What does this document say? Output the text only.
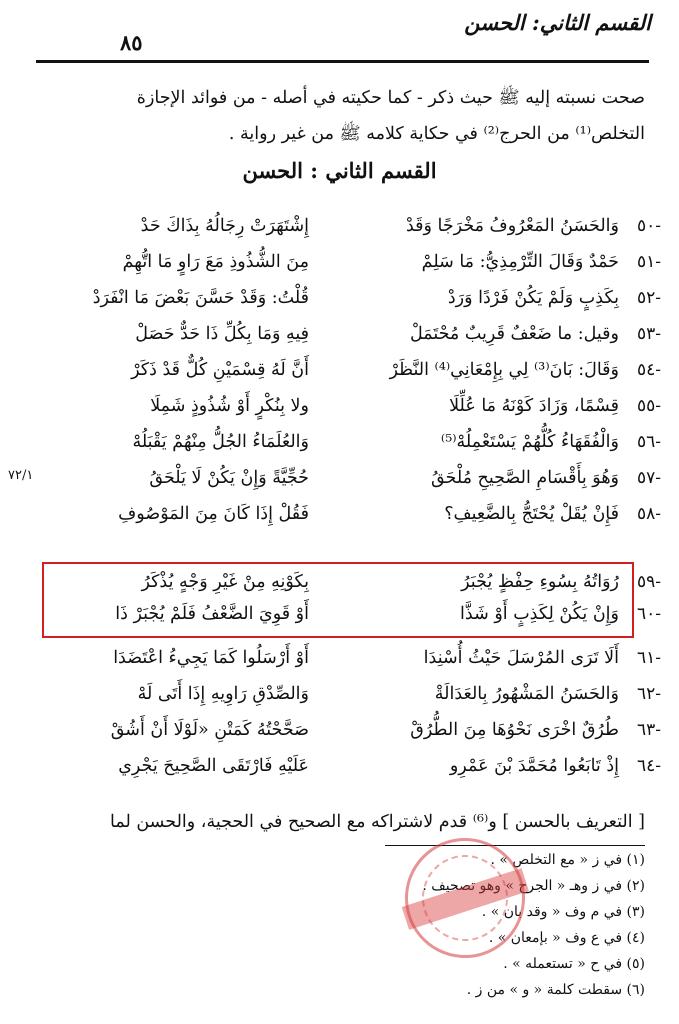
القسم الثاني: الحسن
٨٥
صحت نسبته إليه ﷺ حيث ذكر - كما حكيته في أصله - من فوائد الإجازة
التخلص⁽¹⁾ من الحرج⁽²⁾ في حكاية كلامه ﷺ من غير رواية .
القسم الثاني : الحسن
-٥٠
وَالحَسَنُ المَعْرُوفُ مَخْرَجًا وَقَدْ
إِشْتَهَرَتْ رِجَالُهُ بِذَاكَ حَدْ
-٥١
حَمْدٌ وَقَالَ التِّرْمِذِيُّ: مَا سَلِمْ
مِنَ الشُّذُوذِ مَعَ رَاوٍ مَا اتُّهِمْ
-٥٢
بِكَذِبٍ وَلَمْ يَكُنْ فَرْدًا وَرَدْ
قُلْتُ: وَقَدْ حَسَّنَ بَعْضَ مَا انْفَرَدْ
-٥٣
وقيل: ما ضَعْفٌ قَرِيبٌ مُحْتَمَلْ
فِيهِ وَمَا بِكُلِّ ذَا حَدٌّ حَصَلْ
-٥٤
وَقَالَ: بَانَ⁽³⁾ لِي بِإِمْعَانِي⁽⁴⁾ النَّظَرْ
أَنَّ لَهُ قِسْمَيْنِ كُلٌّ قَدْ ذَكَرْ
-٥٥
قِسْمًا، وَزَادَ كَوْنَهُ مَا عُلِّلَا
ولا بِنُكْرٍ أَوْ شُذُوذٍ شَمِلَا
-٥٦
وَالْفُقَهَاءُ كُلُّهُمْ يَسْتَعْمِلُهْ⁽⁵⁾
وَالعُلَمَاءُ الجُلُّ مِنْهُمْ يَقْبَلُهْ
-٥٧
وَهُوَ بِأَقْسَامِ الصَّحِيحِ مُلْحَقُ
حُجِّيَّةً وَإِنْ يَكُنْ لَا يَلْحَقُ
٧٢/١
-٥٨
فَإِنْ يُقَلْ يُحْتَجُّ بِالضَّعِيفِ؟
فَقُلْ إِذَا كَانَ مِنَ المَوْصُوفِ
-٥٩
رُوَاتُهُ بِسُوءِ حِفْظٍ يُجْبَرُ
بِكَوْنِهِ مِنْ غَيْرِ وَجْهٍ يُذْكَرُ
-٦٠
وَإِنْ يَكُنْ لِكَذِبٍ أَوْ شَذَّا
أَوْ قَوِيَ الضَّعْفُ فَلَمْ يُجْبَرْ ذَا
-٦١
أَلَا تَرَى المُرْسَلَ حَيْثُ أُسْنِدَا
أَوْ أَرْسَلُوا كَمَا يَجِيءُ اعْتَضَدَا
-٦٢
وَالحَسَنُ المَشْهُورُ بِالعَدَالَةْ
وَالصِّدْقِ رَاوِيهِ إِذَا أَتَى لَهْ
-٦٣
طُرُقٌ اخْرَى نَحْوُهَا مِنَ الطُّرُقْ
صَحَّحْتُهُ كَمَتْنِ «لَوْلَا أَنْ أَشُقْ
-٦٤
إِذْ تَابَعُوا مُحَمَّدَ بْنَ عَمْرِو
عَلَيْهِ فَارْتَقَى الصَّحِيحَ يَجْرِي
[ التعريف بالحسن ] و⁽⁶⁾ قدم لاشتراكه مع الصحيح في الحجية، والحسن لما
(١) في ز « مع التخلص » .
(٢) في ز وهـ « الجرح » وهو تصحيف .
(٣) في م وف « وقد بان » .
(٤) في ع وف « بإمعان » .
(٥) في ح « تستعمله » .
(٦) سقطت كلمة « و » من ز .
